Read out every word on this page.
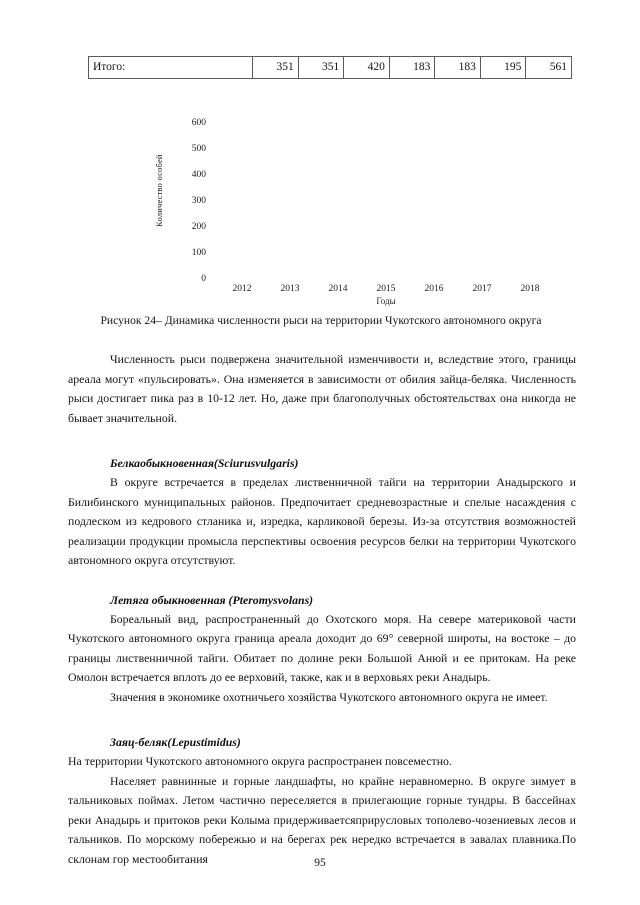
Итого:	351	351	420	183	183	195	561
Количество особей
600
500
400
300
200
100
0
2012	2013	2014	2015	2016	2017	2018
Годы
Рисунок 24– Динамика численности рыси на территории Чукотского автономного округа

Численность рыси подвержена значительной изменчивости и, вследствие этого, границы ареала могут «пульсировать». Она изменяется в зависимости от обилия зайца-беляка. Численность рыси достигает пика раз в 10-12 лет. Но, даже при благополучных обстоятельствах она никогда не бывает значительной.

Белкаобыкновенная(Sciurusvulgaris)

В округе встречается в пределах лиственничной тайги на территории Анадырского и Билибинского муниципальных районов. Предпочитает средневозрастные и спелые насаждения с подлеском из кедрового стланика и, изредка, карликовой березы. Из-за отсутствия возможностей реализации продукции промысла перспективы освоения ресурсов белки на территории Чукотского автономного округа отсутствуют.

Летяга обыкновенная (Pteromysvolans)

Бореальный вид, распространенный до Охотского моря. На севере материковой части Чукотского автономного округа граница ареала доходит до 69° северной широты, на востоке – до границы лиственничной тайги. Обитает по долине реки Большой Анюй и ее притокам. На реке Омолон встречается вплоть до ее верховий, также, как и в верховьях реки Анадырь.

Значения в экономике охотничьего хозяйства Чукотского автономного округа не имеет.

Заяц-беляк(Lepustimidus)

На территории Чукотского автономного округа распространен повсеместно.

Населяет равнинные и горные ландшафты, но крайне неравномерно. В округе зимует в тальниковых поймах. Летом частично переселяется в прилегающие горные тундры. В бассейнах реки Анадырь и притоков реки Колыма придерживаетсяприрусловых тополево-чозениевых лесов и тальников. По морскому побережью и на берегах рек нередко встречается в завалах плавника.По склонам гор местообитания	95
